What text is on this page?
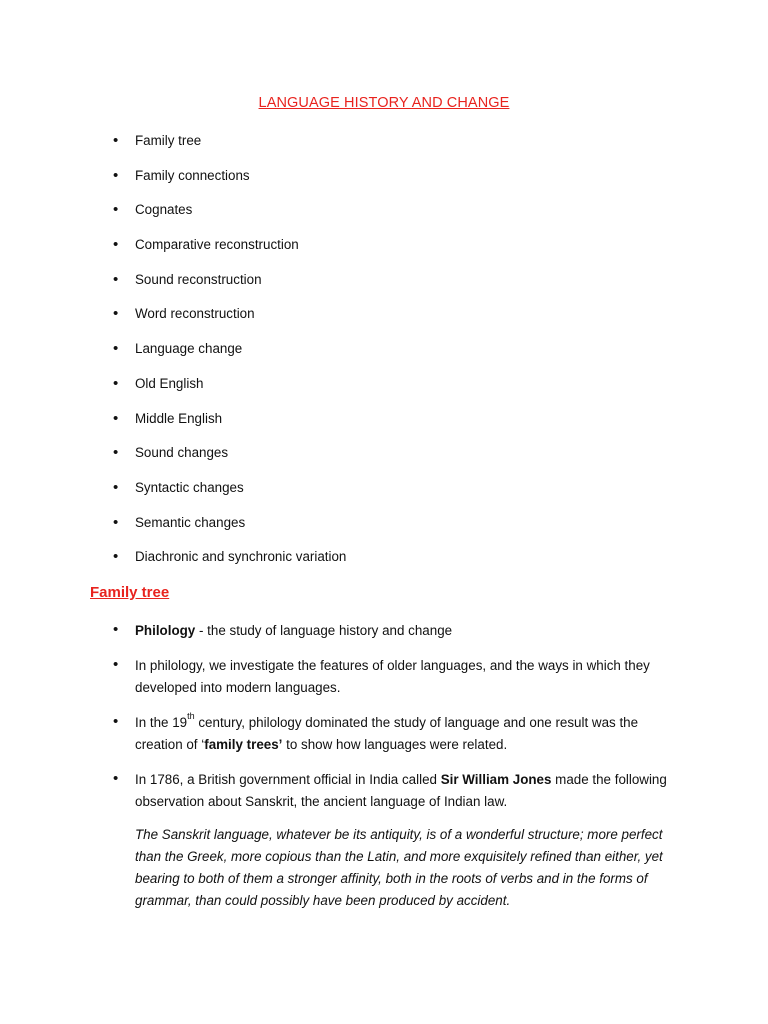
LANGUAGE HISTORY AND CHANGE
• Family tree
• Family connections
• Cognates
• Comparative reconstruction
• Sound reconstruction
• Word reconstruction
• Language change
• Old English
• Middle English
• Sound changes
• Syntactic changes
• Semantic changes
• Diachronic and synchronic variation
Family tree
• Philology - the study of language history and change
• In philology, we investigate the features of older languages, and the ways in which they developed into modern languages.
• In the 19th century, philology dominated the study of language and one result was the creation of ‘family trees’ to show how languages were related.
• In 1786, a British government official in India called Sir William Jones made the following observation about Sanskrit, the ancient language of Indian law.

The Sanskrit language, whatever be its antiquity, is of a wonderful structure; more perfect than the Greek, more copious than the Latin, and more exquisitely refined than either, yet bearing to both of them a stronger affinity, both in the roots of verbs and in the forms of grammar, than could possibly have been produced by accident.
